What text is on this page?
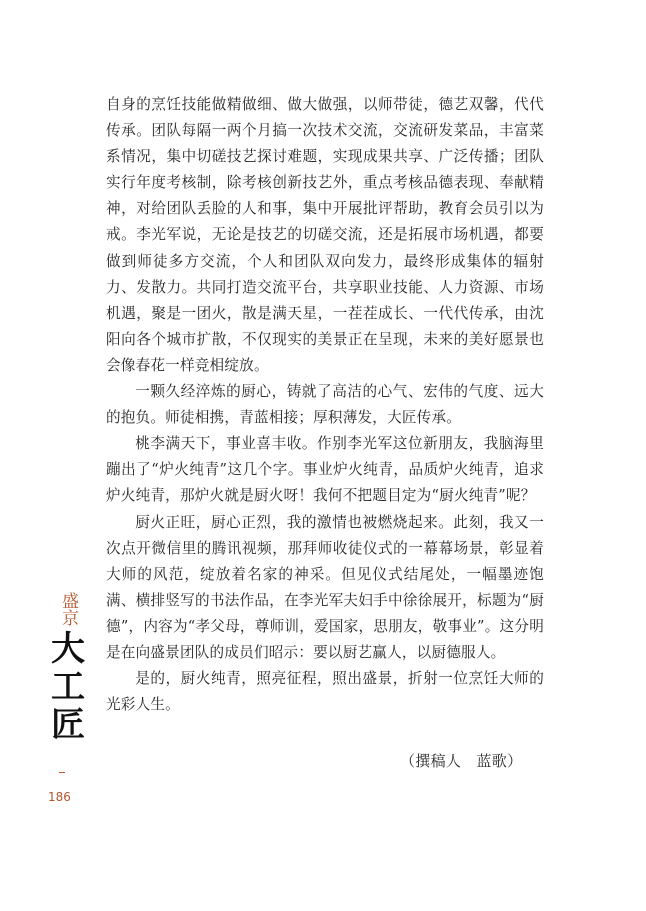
自身的烹饪技能做精做细、做大做强，以师带徒，德艺双馨，代代传承。团队每隔一两个月搞一次技术交流，交流研发菜品，丰富菜系情况，集中切磋技艺探讨难题，实现成果共享、广泛传播；团队实行年度考核制，除考核创新技艺外，重点考核品德表现、奉献精神，对给团队丢脸的人和事，集中开展批评帮助，教育会员引以为戒。李光军说，无论是技艺的切磋交流，还是拓展市场机遇，都要做到师徒多方交流，个人和团队双向发力，最终形成集体的辐射力、发散力。共同打造交流平台，共享职业技能、人力资源、市场机遇，聚是一团火，散是满天星，一茬茬成长、一代代传承，由沈阳向各个城市扩散，不仅现实的美景正在呈现，未来的美好愿景也会像春花一样竞相绽放。

一颗久经淬炼的厨心，铸就了高洁的心气、宏伟的气度、远大的抱负。师徒相携，青蓝相接；厚积薄发，大匠传承。

桃李满天下，事业喜丰收。作别李光军这位新朋友，我脑海里蹦出了“炉火纯青”这几个字。事业炉火纯青，品质炉火纯青，追求炉火纯青，那炉火就是厨火呀！我何不把题目定为“厨火纯青”呢？

厨火正旺，厨心正烈，我的激情也被燃烧起来。此刻，我又一次点开微信里的腾讯视频，那拜师收徒仪式的一幕幕场景，彰显着大师的风范，绽放着名家的神采。但见仪式结尾处，一幅墨迹饱满、横排竖写的书法作品，在李光军夫妇手中徐徐展开，标题为“厨德”，内容为“孝父母，尊师训，爱国家，思朋友，敬事业”。这分明是在向盛景团队的成员们昭示：要以厨艺赢人，以厨德服人。

是的，厨火纯青，照亮征程，照出盛景，折射一位烹饪大师的光彩人生。

（撰稿人　蓝歌）
盛京
大
工
匠
186
